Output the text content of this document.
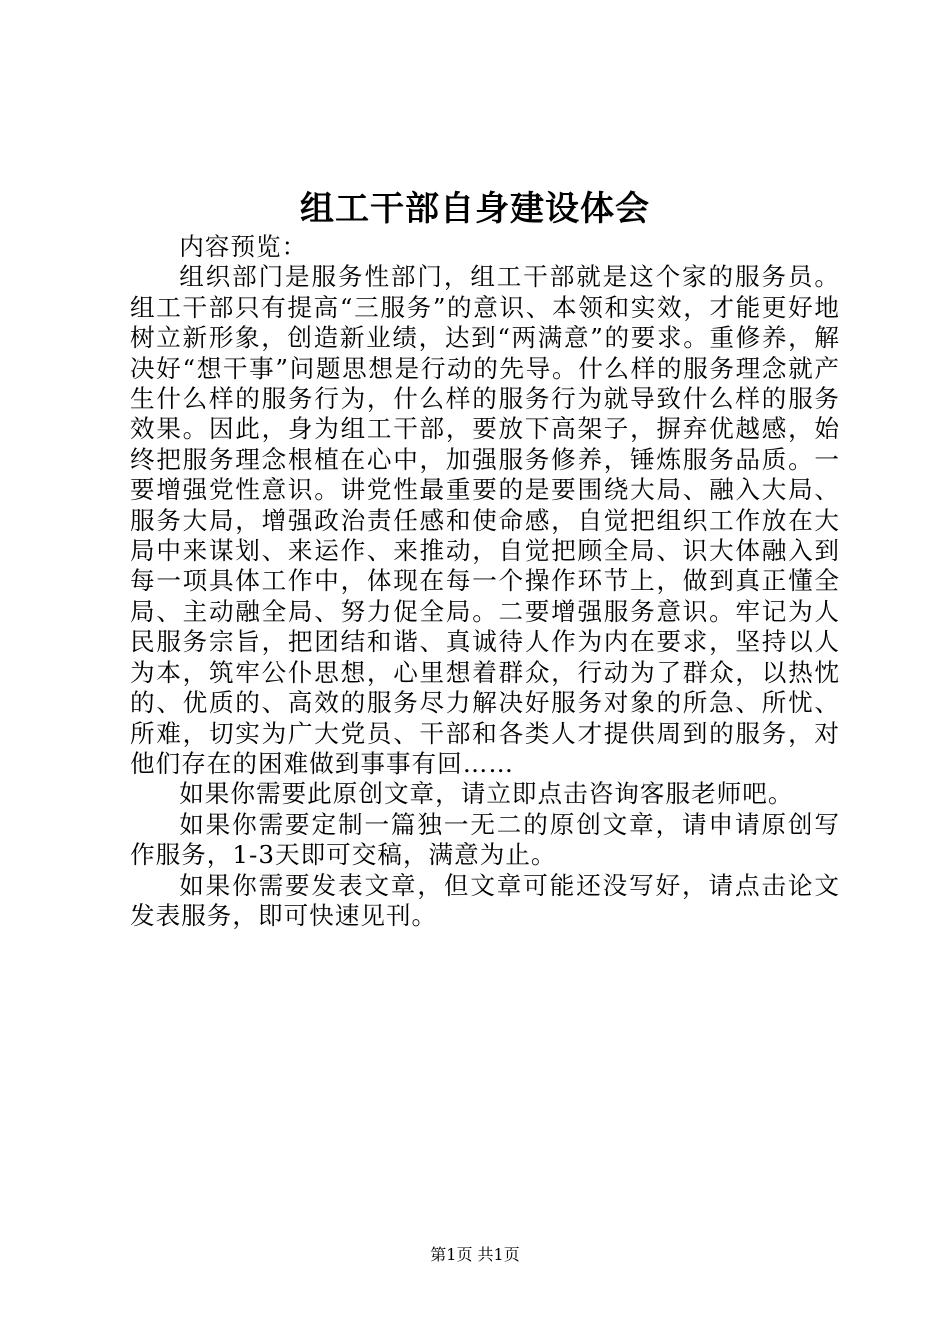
组工干部自身建设体会

内容预览：

组织部门是服务性部门，组工干部就是这个家的服务员。组工干部只有提高“三服务”的意识、本领和实效，才能更好地树立新形象，创造新业绩，达到“两满意”的要求。重修养，解决好“想干事”问题思想是行动的先导。什么样的服务理念就产生什么样的服务行为，什么样的服务行为就导致什么样的服务效果。因此，身为组工干部，要放下高架子，摒弃优越感，始终把服务理念根植在心中，加强服务修养，锤炼服务品质。一要增强党性意识。讲党性最重要的是要围绕大局、融入大局、服务大局，增强政治责任感和使命感，自觉把组织工作放在大局中来谋划、来运作、来推动，自觉把顾全局、识大体融入到每一项具体工作中，体现在每一个操作环节上，做到真正懂全局、主动融全局、努力促全局。二要增强服务意识。牢记为人民服务宗旨，把团结和谐、真诚待人作为内在要求，坚持以人为本，筑牢公仆思想，心里想着群众，行动为了群众，以热忱的、优质的、高效的服务尽力解决好服务对象的所急、所忧、所难，切实为广大党员、干部和各类人才提供周到的服务，对他们存在的困难做到事事有回……

如果你需要此原创文章，请立即点击咨询客服老师吧。

如果你需要定制一篇独一无二的原创文章，请申请原创写作服务，1-3天即可交稿，满意为止。

如果你需要发表文章，但文章可能还没写好，请点击论文发表服务，即可快速见刊。

第1页 共1页
